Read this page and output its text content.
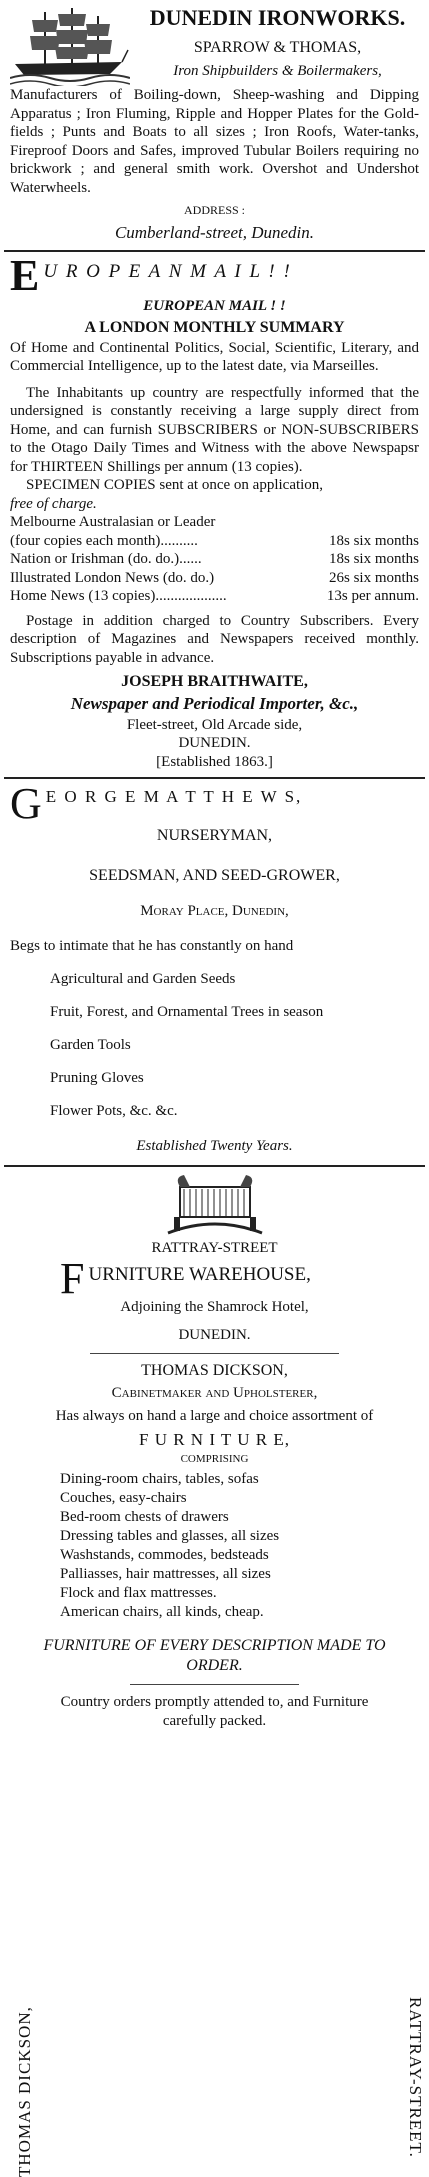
DUNEDIN IRONWORKS.
SPARROW & THOMAS,
Iron Shipbuilders & Boilermakers,

Manufacturers of Boiling-down, Sheep-washing and Dipping Apparatus ; Iron Fluming, Ripple and Hopper Plates for the Gold-fields ; Punts and Boats to all sizes ; Iron Roofs, Water-tanks, Fireproof Doors and Safes, improved Tubular Boilers requiring no brickwork ; and general smith work. Overshot and Undershot Waterwheels.

ADDRESS :
Cumberland-street, Dunedin.
E U R O P E A N M A I L ! !
EUROPEAN MAIL ! !
A LONDON MONTHLY SUMMARY

Of Home and Continental Politics, Social, Scientific, Literary, and Commercial Intelligence, up to the latest date, via Marseilles.

The Inhabitants up country are respectfully informed that the undersigned is constantly receiving a large supply direct from Home, and can furnish SUBSCRIBERS or NON-SUBSCRIBERS to the Otago Daily Times and Witness with the above Newspapsr for THIRTEEN Shillings per annum (13 copies).

SPECIMEN COPIES sent at once on application,

free of charge.

Melbourne Australasian or Leader
(four copies each month)..........	18s six months
Nation or Irishman (do. do.)......	18s six months
Illustrated London News (do. do.)	26s six months
Home News (13 copies)...................	13s per annum.

Postage in addition charged to Country Subscribers. Every description of Magazines and Newspapers received monthly. Subscriptions payable in advance.

JOSEPH BRAITHWAITE,
Newspaper and Periodical Importer, &c.,
Fleet-street, Old Arcade side,
DUNEDIN.
[Established 1863.]
G E O R G E M A T T H E W S,
NURSERYMAN,
SEEDSMAN, AND SEED-GROWER,
Moray Place, Dunedin,

Begs to intimate that he has constantly on hand

Agricultural and Garden Seeds
Fruit, Forest, and Ornamental Trees in season
Garden Tools
Pruning Gloves
Flower Pots, &c. &c.
Established Twenty Years.
RATTRAY-STREET
F URNITURE WAREHOUSE,
Adjoining the Shamrock Hotel,
DUNEDIN.
THOMAS DICKSON,
Cabinetmaker and Upholsterer,

Has always on hand a large and choice assortment of

F U R N I T U R E,
COMPRISING
Dining-room chairs, tables, sofas
Couches, easy-chairs
Bed-room chests of drawers
Dressing tables and glasses, all sizes
Washstands, commodes, bedsteads
Palliasses, hair mattresses, all sizes
Flock and flax mattresses.
American chairs, all kinds, cheap.
THOMAS DICKSON,	RATTRAY-STREET.
FURNITURE OF EVERY DESCRIPTION MADE TO ORDER.

Country orders promptly attended to, and Furniture carefully packed.
